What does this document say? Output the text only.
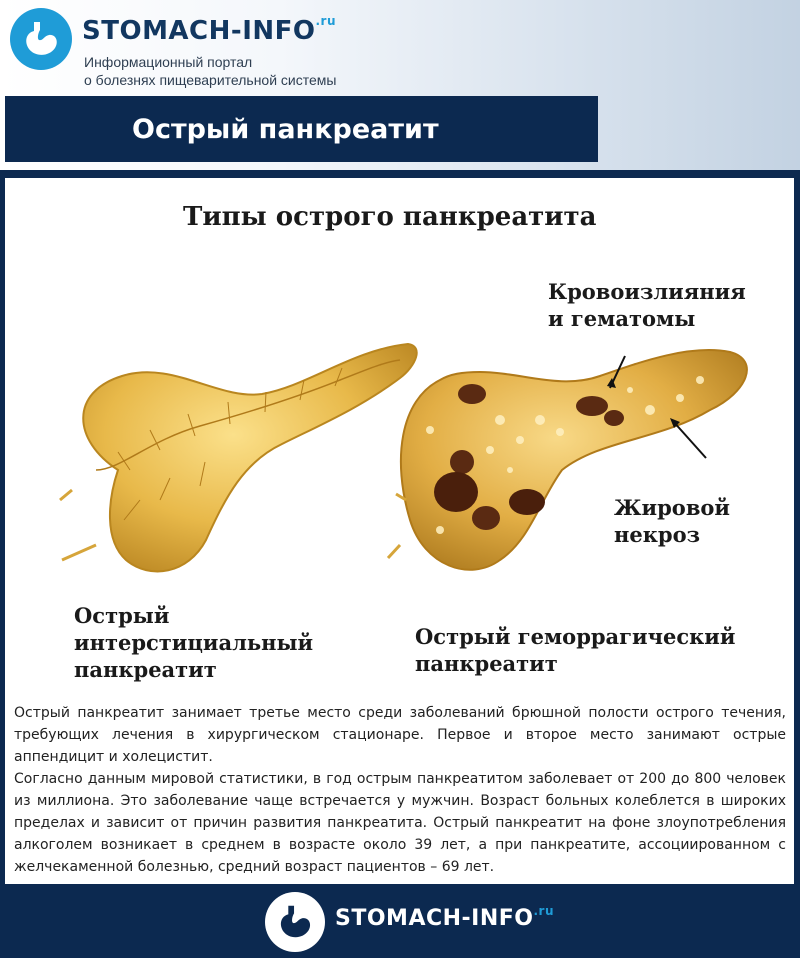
STOMACH-$INFO^{.ru}$
Информационный портал
о болезнях пищеварительной системы
Острый панкреатит
Типы острого панкреатита
Кровоизлияния
и гематомы
Жировой
некроз
Острый
интерстициальный
панкреатит
Острый геморрагический
панкреатит

Острый панкреатит занимает третье место среди заболеваний брюшной полости острого течения, требующих лечения в хирургическом стационаре. Первое и второе место занимают острые аппендицит и холецистит.

Согласно данным мировой статистики, в год острым панкреатитом заболевает от 200 до 800 человек из миллиона. Это заболевание чаще встречается у мужчин. Возраст больных колеблется в широких пределах и зависит от причин развития панкреатита. Острый панкреатит на фоне злоупотребления алкоголем возникает в среднем в возрасте около 39 лет, а при панкреатите, ассоциированном с желчекаменной болезнью, средний возраст пациентов – 69 лет.

STOMACH-$INFO^{.ru}$
